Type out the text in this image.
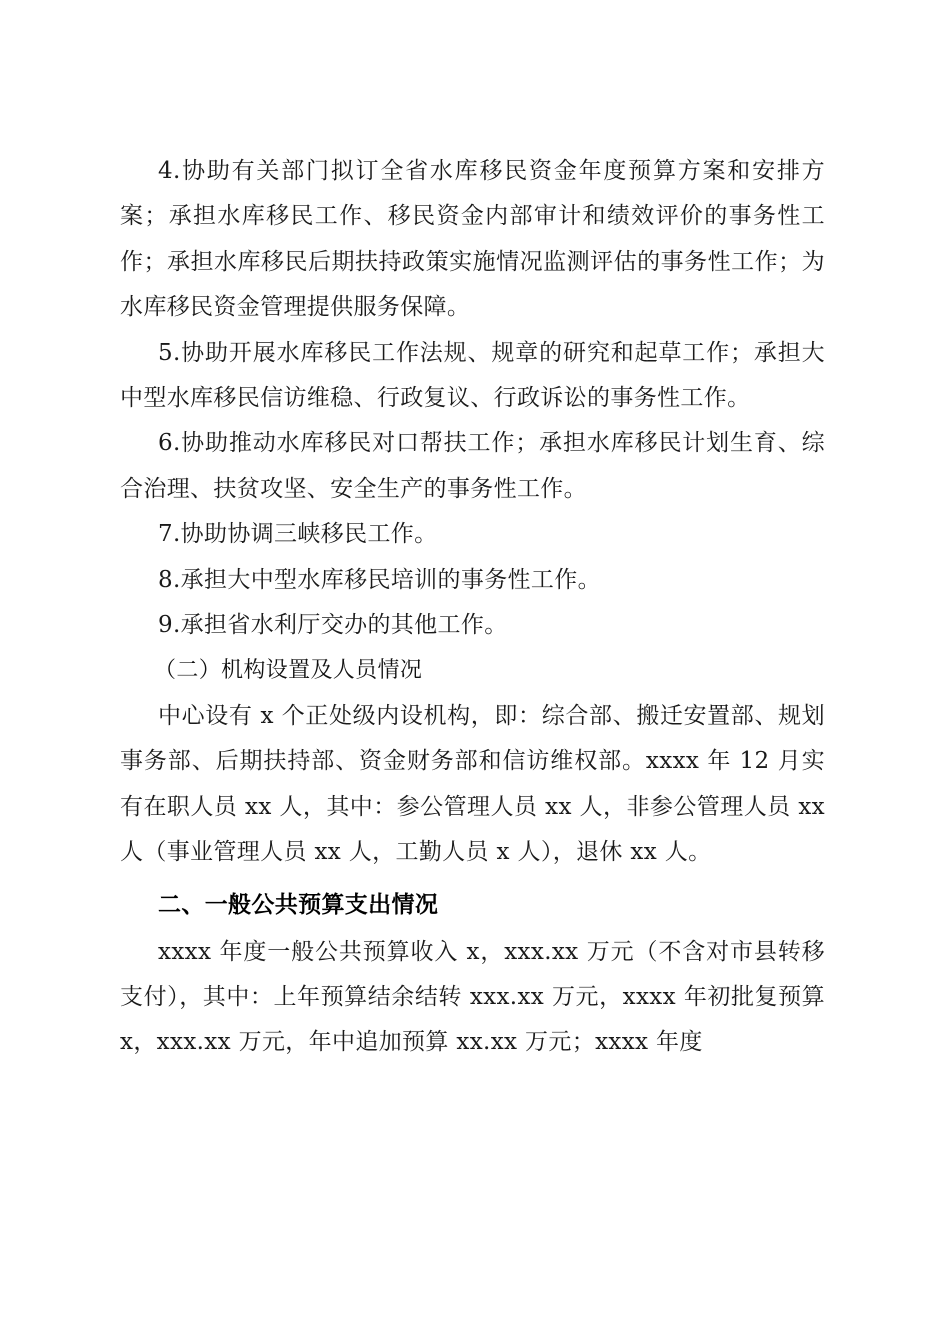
4.协助有关部门拟订全省水库移民资金年度预算方案和安排方案；承担水库移民工作、移民资金内部审计和绩效评价的事务性工作；承担水库移民后期扶持政策实施情况监测评估的事务性工作；为水库移民资金管理提供服务保障。

5.协助开展水库移民工作法规、规章的研究和起草工作；承担大中型水库移民信访维稳、行政复议、行政诉讼的事务性工作。

6.协助推动水库移民对口帮扶工作；承担水库移民计划生育、综合治理、扶贫攻坚、安全生产的事务性工作。

7.协助协调三峡移民工作。

8.承担大中型水库移民培训的事务性工作。

9.承担省水利厅交办的其他工作。

（二）机构设置及人员情况

中心设有 x 个正处级内设机构，即：综合部、搬迁安置部、规划事务部、后期扶持部、资金财务部和信访维权部。xxxx 年 12 月实有在职人员 xx 人，其中：参公管理人员 xx 人，非参公管理人员 xx 人（事业管理人员 xx 人，工勤人员 x 人），退休 xx 人。

二、一般公共预算支出情况

xxxx 年度一般公共预算收入 x，xxx.xx 万元（不含对市县转移支付），其中：上年预算结余结转 xxx.xx 万元，xxxx 年初批复预算 x，xxx.xx 万元，年中追加预算 xx.xx 万元；xxxx 年度
